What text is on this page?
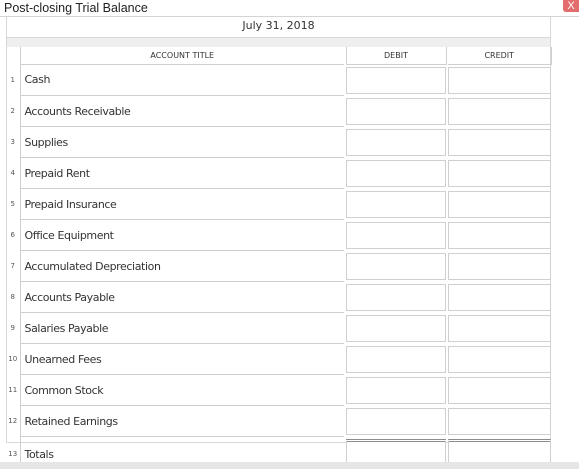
Post-closing Trial Balance	X
July 31, 2018
	ACCOUNT TITLE		DEBIT		CREDIT
1	Cash		

2	Accounts Receivable		

3	Supplies		

4	Prepaid Rent		

5	Prepaid Insurance		

6	Office Equipment		

7	Accumulated Depreciation		

8	Accounts Payable		

9	Salaries Payable		

10	Unearned Fees		

11	Common Stock		

12	Retained Earnings		

13	Totals		
